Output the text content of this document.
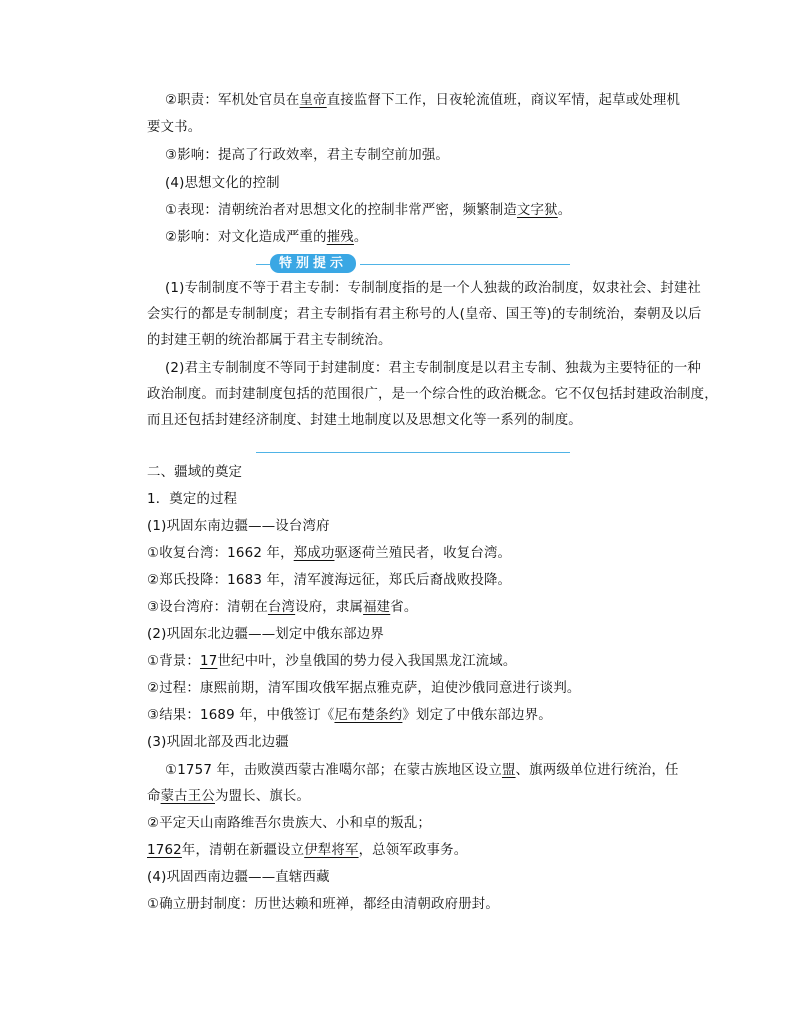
②职责：军机处官员在皇帝直接监督下工作，日夜轮流值班，商议军情，起草或处理机
要文书。
③影响：提高了行政效率，君主专制空前加强。
(4)思想文化的控制
①表现：清朝统治者对思想文化的控制非常严密，频繁制造文字狱。
②影响：对文化造成严重的摧残。
特别提示
(1)专制制度不等于君主专制：专制制度指的是一个人独裁的政治制度，奴隶社会、封建社
会实行的都是专制制度；君主专制指有君主称号的人(皇帝、国王等)的专制统治，秦朝及以后
的封建王朝的统治都属于君主专制统治。
(2)君主专制制度不等同于封建制度：君主专制制度是以君主专制、独裁为主要特征的一种
政治制度。而封建制度包括的范围很广，是一个综合性的政治概念。它不仅包括封建政治制度，
而且还包括封建经济制度、封建土地制度以及思想文化等一系列的制度。
二、疆域的奠定
1．奠定的过程
(1)巩固东南边疆——设台湾府
①收复台湾：1662 年，郑成功驱逐荷兰殖民者，收复台湾。
②郑氏投降：1683 年，清军渡海远征，郑氏后裔战败投降。
③设台湾府：清朝在台湾设府，隶属福建省。
(2)巩固东北边疆——划定中俄东部边界
①背景：17世纪中叶，沙皇俄国的势力侵入我国黑龙江流域。
②过程：康熙前期，清军围攻俄军据点雅克萨，迫使沙俄同意进行谈判。
③结果：1689 年，中俄签订《尼布楚条约》划定了中俄东部边界。
(3)巩固北部及西北边疆
①1757 年，击败漠西蒙古准噶尔部；在蒙古族地区设立盟、旗两级单位进行统治，任
命蒙古王公为盟长、旗长。
②平定天山南路维吾尔贵族大、小和卓的叛乱；
1762年，清朝在新疆设立伊犁将军，总领军政事务。
(4)巩固西南边疆——直辖西藏
①确立册封制度：历世达赖和班禅，都经由清朝政府册封。
